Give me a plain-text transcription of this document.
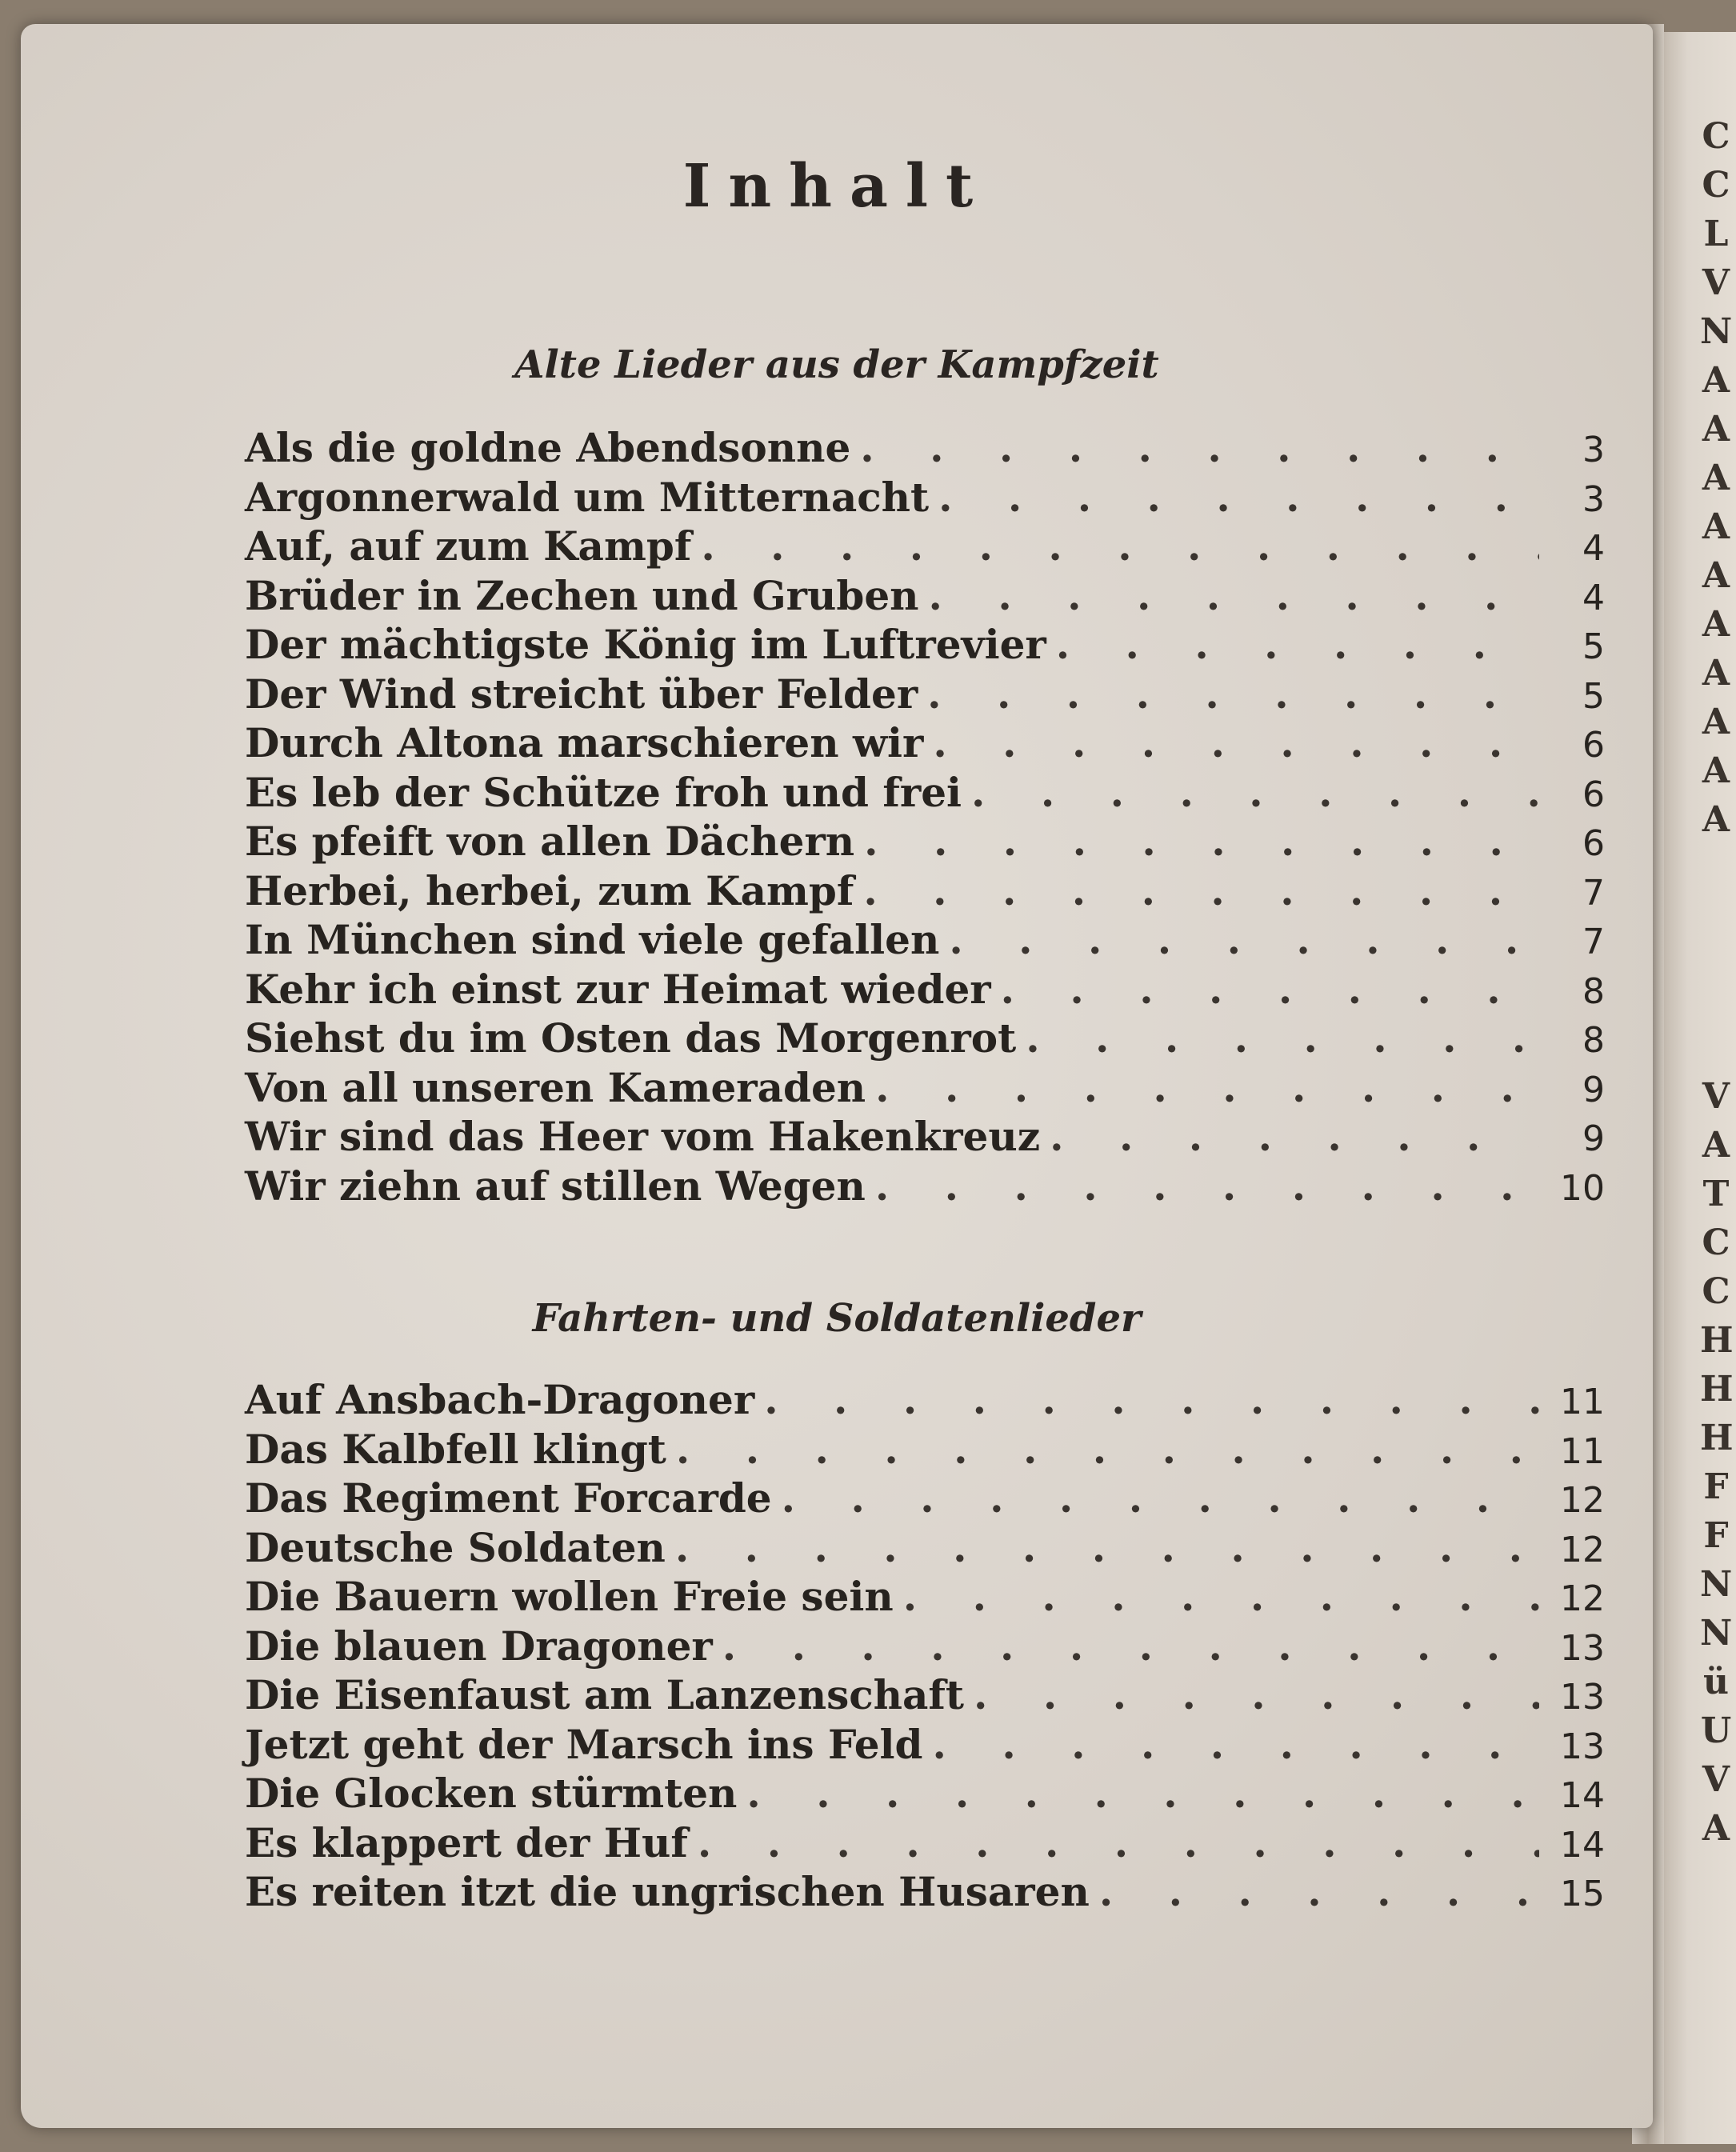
C
C
L
V
N
A
A
A
A
A
A
A
A
A
A
V
A
T
C
C
H
H
H
F
F
N
N
ü
U
V
A
Inhalt
Alte Lieder aus der Kampfzeit
Als die goldne Abendsonne . . .	3
Argonnerwald um Mitternacht . . .	3
Auf, auf zum Kampf . . .	4
Brüder in Zechen und Gruben . . .	4
Der mächtigste König im Luftrevier . . .	5
Der Wind streicht über Felder . . .	5
Durch Altona marschieren wir . . .	6
Es leb der Schütze froh und frei . . .	6
Es pfeift von allen Dächern . . .	6
Herbei, herbei, zum Kampf . . .	7
In München sind viele gefallen . . .	7
Kehr ich einst zur Heimat wieder . . .	8
Siehst du im Osten das Morgenrot . . .	8
Von all unseren Kameraden . . .	9
Wir sind das Heer vom Hakenkreuz . . .	9
Wir ziehn auf stillen Wegen . . .	10
Fahrten- und Soldatenlieder
Auf Ansbach-Dragoner . . .	11
Das Kalbfell klingt . . .	11
Das Regiment Forcarde . . .	12
Deutsche Soldaten . . .	12
Die Bauern wollen Freie sein . . .	12
Die blauen Dragoner . . .	13
Die Eisenfaust am Lanzenschaft . . .	13
Jetzt geht der Marsch ins Feld . . .	13
Die Glocken stürmten . . .	14
Es klappert der Huf . . .	14
Es reiten itzt die ungrischen Husaren . . .	15
